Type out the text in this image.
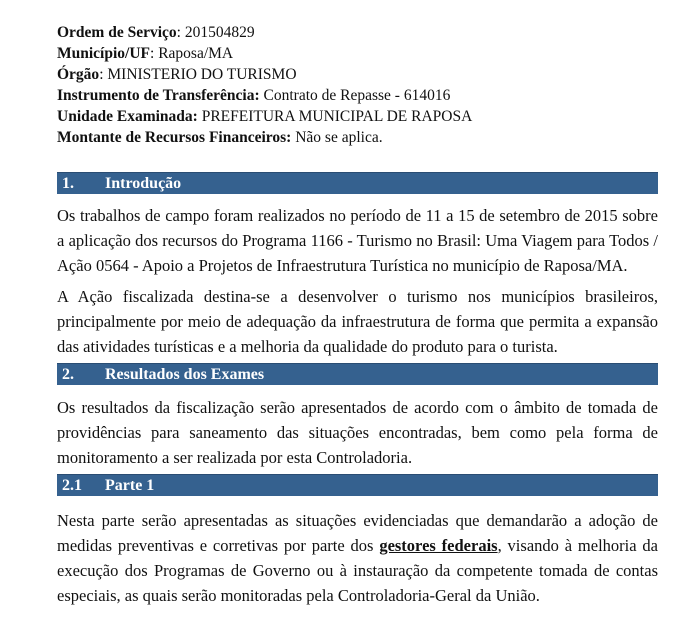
Ordem de Serviço: 201504829

Município/UF: Raposa/MA

Órgão: MINISTERIO DO TURISMO

Instrumento de Transferência: Contrato de Repasse - 614016

Unidade Examinada: PREFEITURA MUNICIPAL DE RAPOSA

Montante de Recursos Financeiros: Não se aplica.

1. Introdução

Os trabalhos de campo foram realizados no período de 11 a 15 de setembro de 2015 sobre a aplicação dos recursos do Programa 1166 - Turismo no Brasil: Uma Viagem para Todos / Ação 0564 - Apoio a Projetos de Infraestrutura Turística no município de Raposa/MA.

A Ação fiscalizada destina-se a desenvolver o turismo nos municípios brasileiros, principalmente por meio de adequação da infraestrutura de forma que permita a expansão das atividades turísticas e a melhoria da qualidade do produto para o turista.

2. Resultados dos Exames

Os resultados da fiscalização serão apresentados de acordo com o âmbito de tomada de providências para saneamento das situações encontradas, bem como pela forma de monitoramento a ser realizada por esta Controladoria.

2.1 Parte 1

Nesta parte serão apresentadas as situações evidenciadas que demandarão a adoção de medidas preventivas e corretivas por parte dos gestores federais, visando à melhoria da execução dos Programas de Governo ou à instauração da competente tomada de contas especiais, as quais serão monitoradas pela Controladoria-Geral da União.
